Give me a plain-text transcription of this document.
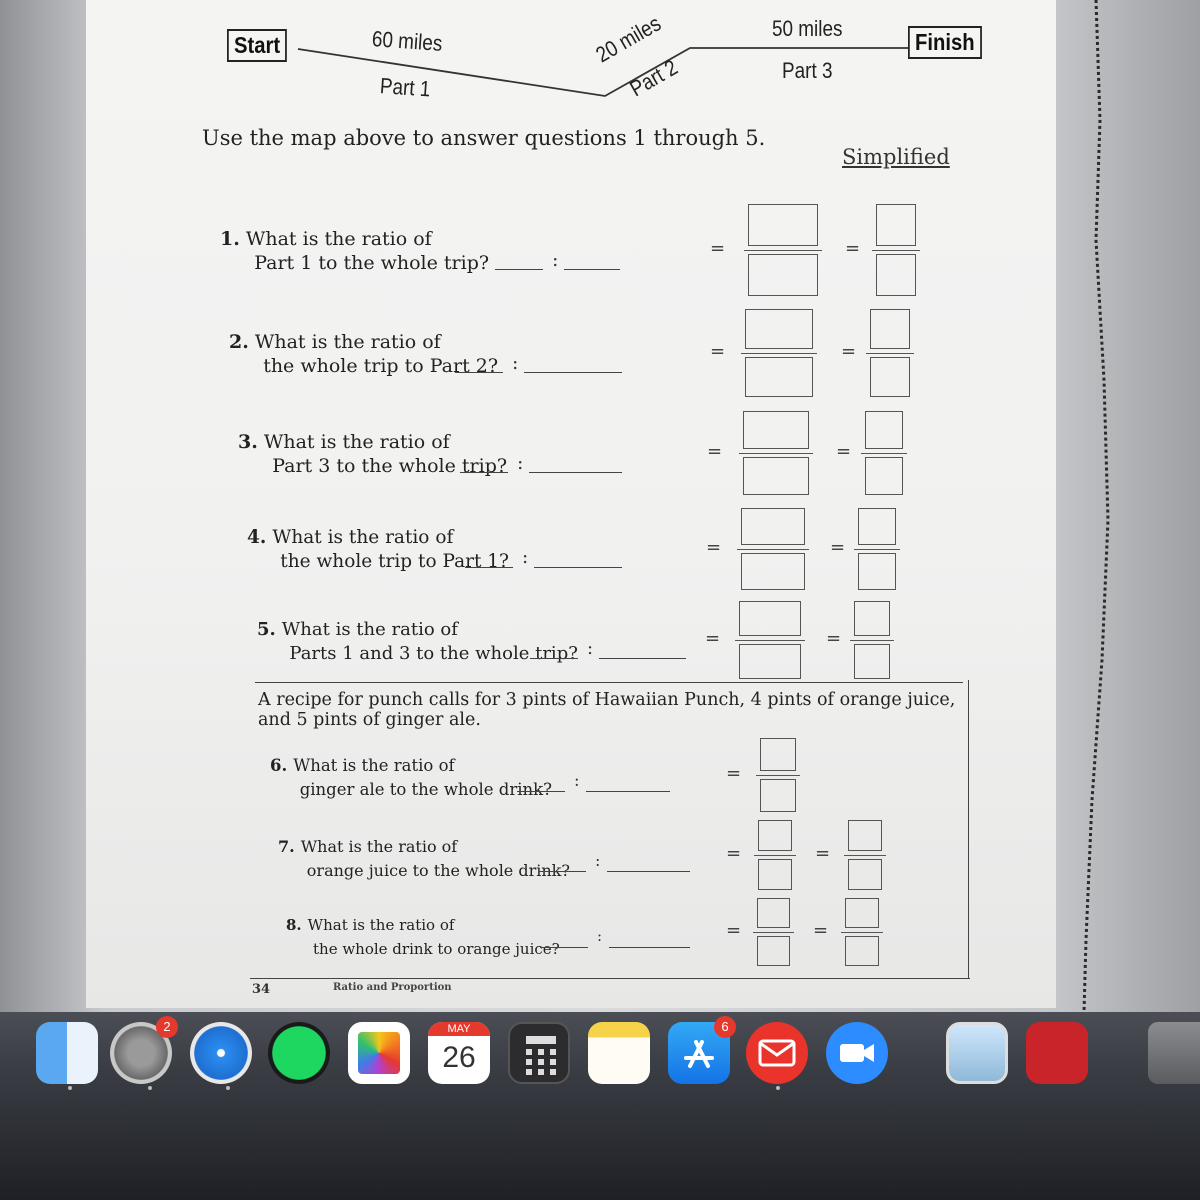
Start	Finish
60 miles
Part 1
20 miles
Part 2
50 miles
Part 3
Use the map above to answer questions 1 through 5.
Simplified
1. What is the ratio of
Part 1 to the whole trip?	:
=	=
2. What is the ratio of
the whole trip to Part 2? :
=	=
3. What is the ratio of
Part 3 to the whole trip? :
=	=
4. What is the ratio of
the whole trip to Part 1? :	=	=
5. What is the ratio of
Parts 1 and 3 to the whole trip? :	=	=
6. What is the ratio of
ginger ale to the whole drink? :	=
7. What is the ratio of
orange juice to the whole drink?
:	=	=
8. What is the ratio of
the whole drink to orange juice?
:	=	=
A recipe for punch calls for 3 pints of Hawaiian Punch, 4 pints of orange juice,
and 5 pints of ginger ale.
34	Ratio and Proportion
2	MAY
26
6
